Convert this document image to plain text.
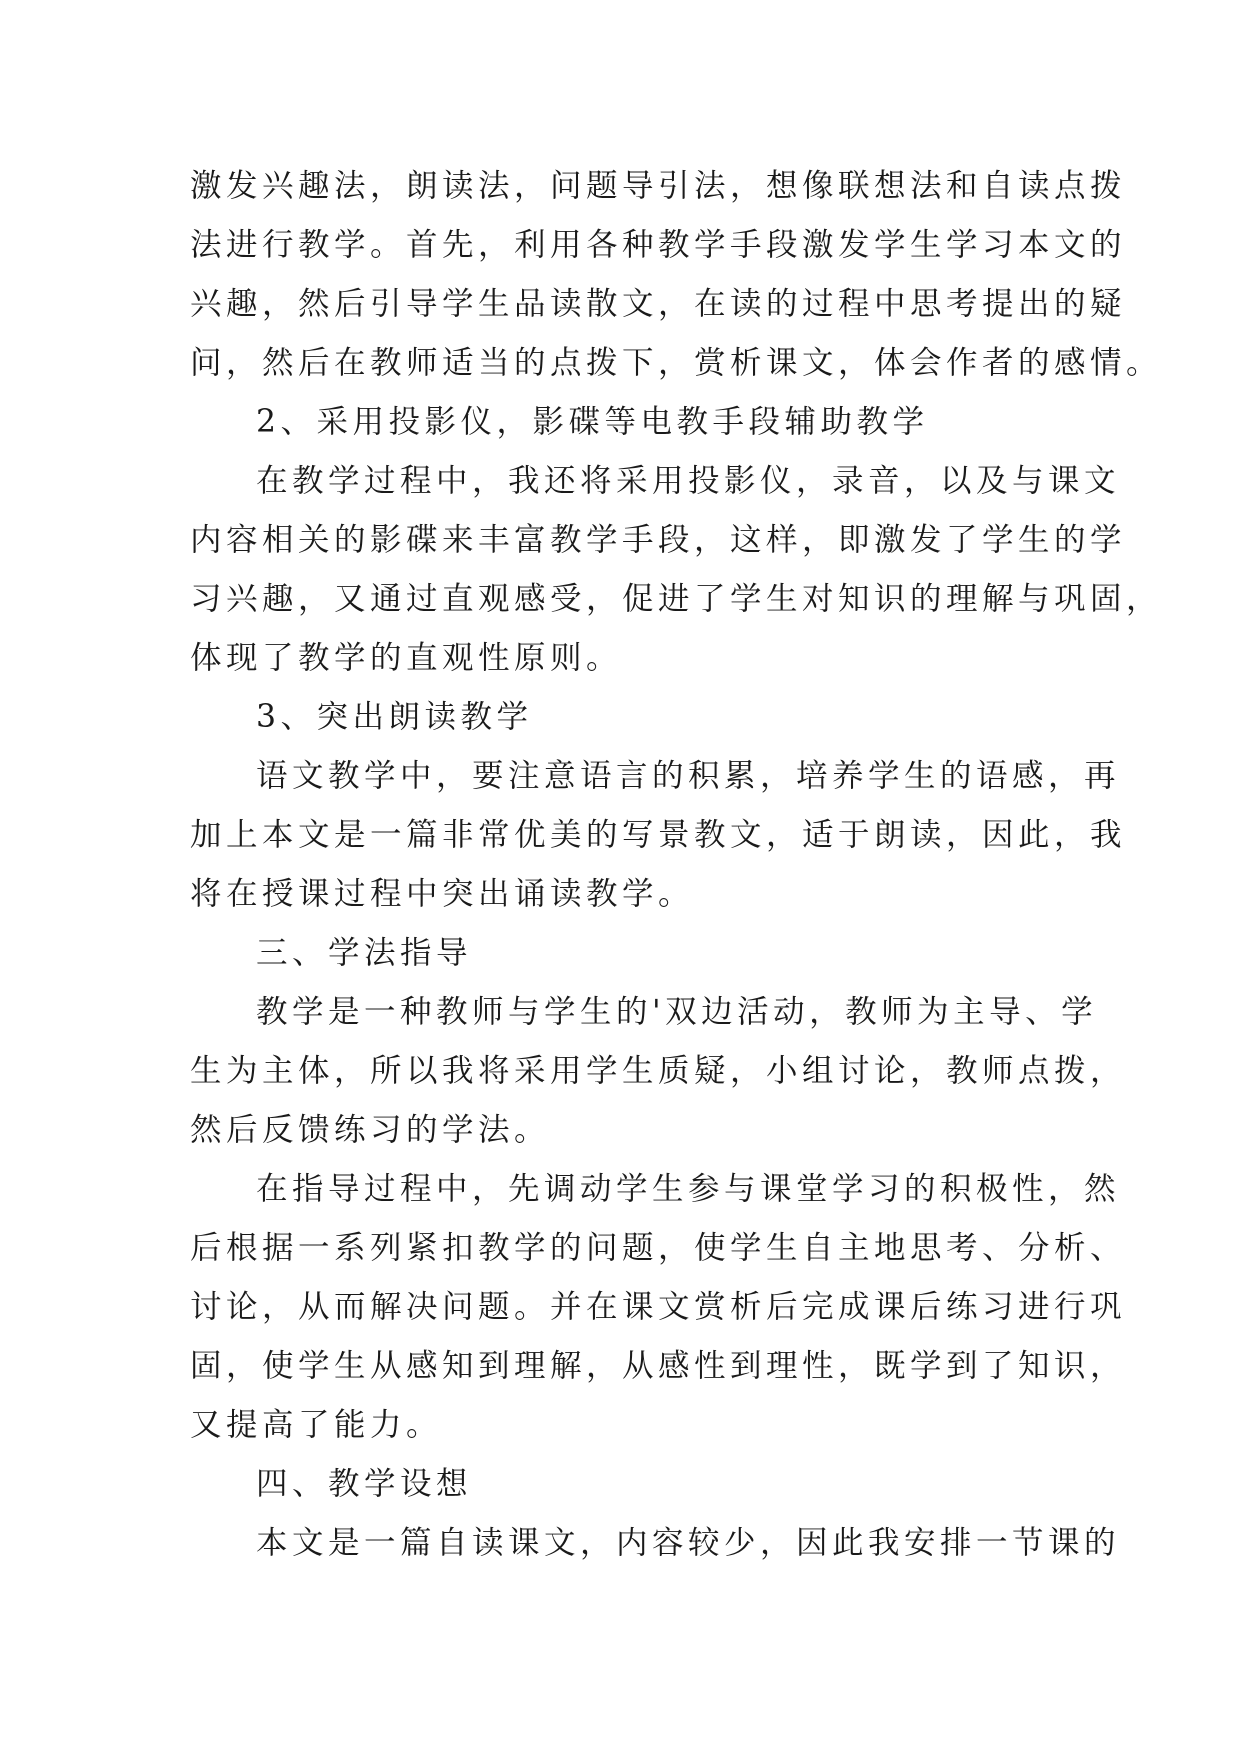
激发兴趣法，朗读法，问题导引法，想像联想法和自读点拨
法进行教学。首先，利用各种教学手段激发学生学习本文的
兴趣，然后引导学生品读散文，在读的过程中思考提出的疑
问，然后在教师适当的点拨下，赏析课文，体会作者的感情。
2、采用投影仪，影碟等电教手段辅助教学
在教学过程中，我还将采用投影仪，录音，以及与课文
内容相关的影碟来丰富教学手段，这样，即激发了学生的学
习兴趣，又通过直观感受，促进了学生对知识的理解与巩固，
体现了教学的直观性原则。
3、突出朗读教学
语文教学中，要注意语言的积累，培养学生的语感，再
加上本文是一篇非常优美的写景教文，适于朗读，因此，我
将在授课过程中突出诵读教学。
三、学法指导
教学是一种教师与学生的'双边活动，教师为主导、学
生为主体，所以我将采用学生质疑，小组讨论，教师点拨，
然后反馈练习的学法。
在指导过程中，先调动学生参与课堂学习的积极性，然
后根据一系列紧扣教学的问题，使学生自主地思考、分析、
讨论，从而解决问题。并在课文赏析后完成课后练习进行巩
固，使学生从感知到理解，从感性到理性，既学到了知识，
又提高了能力。
四、教学设想
本文是一篇自读课文，内容较少，因此我安排一节课的
